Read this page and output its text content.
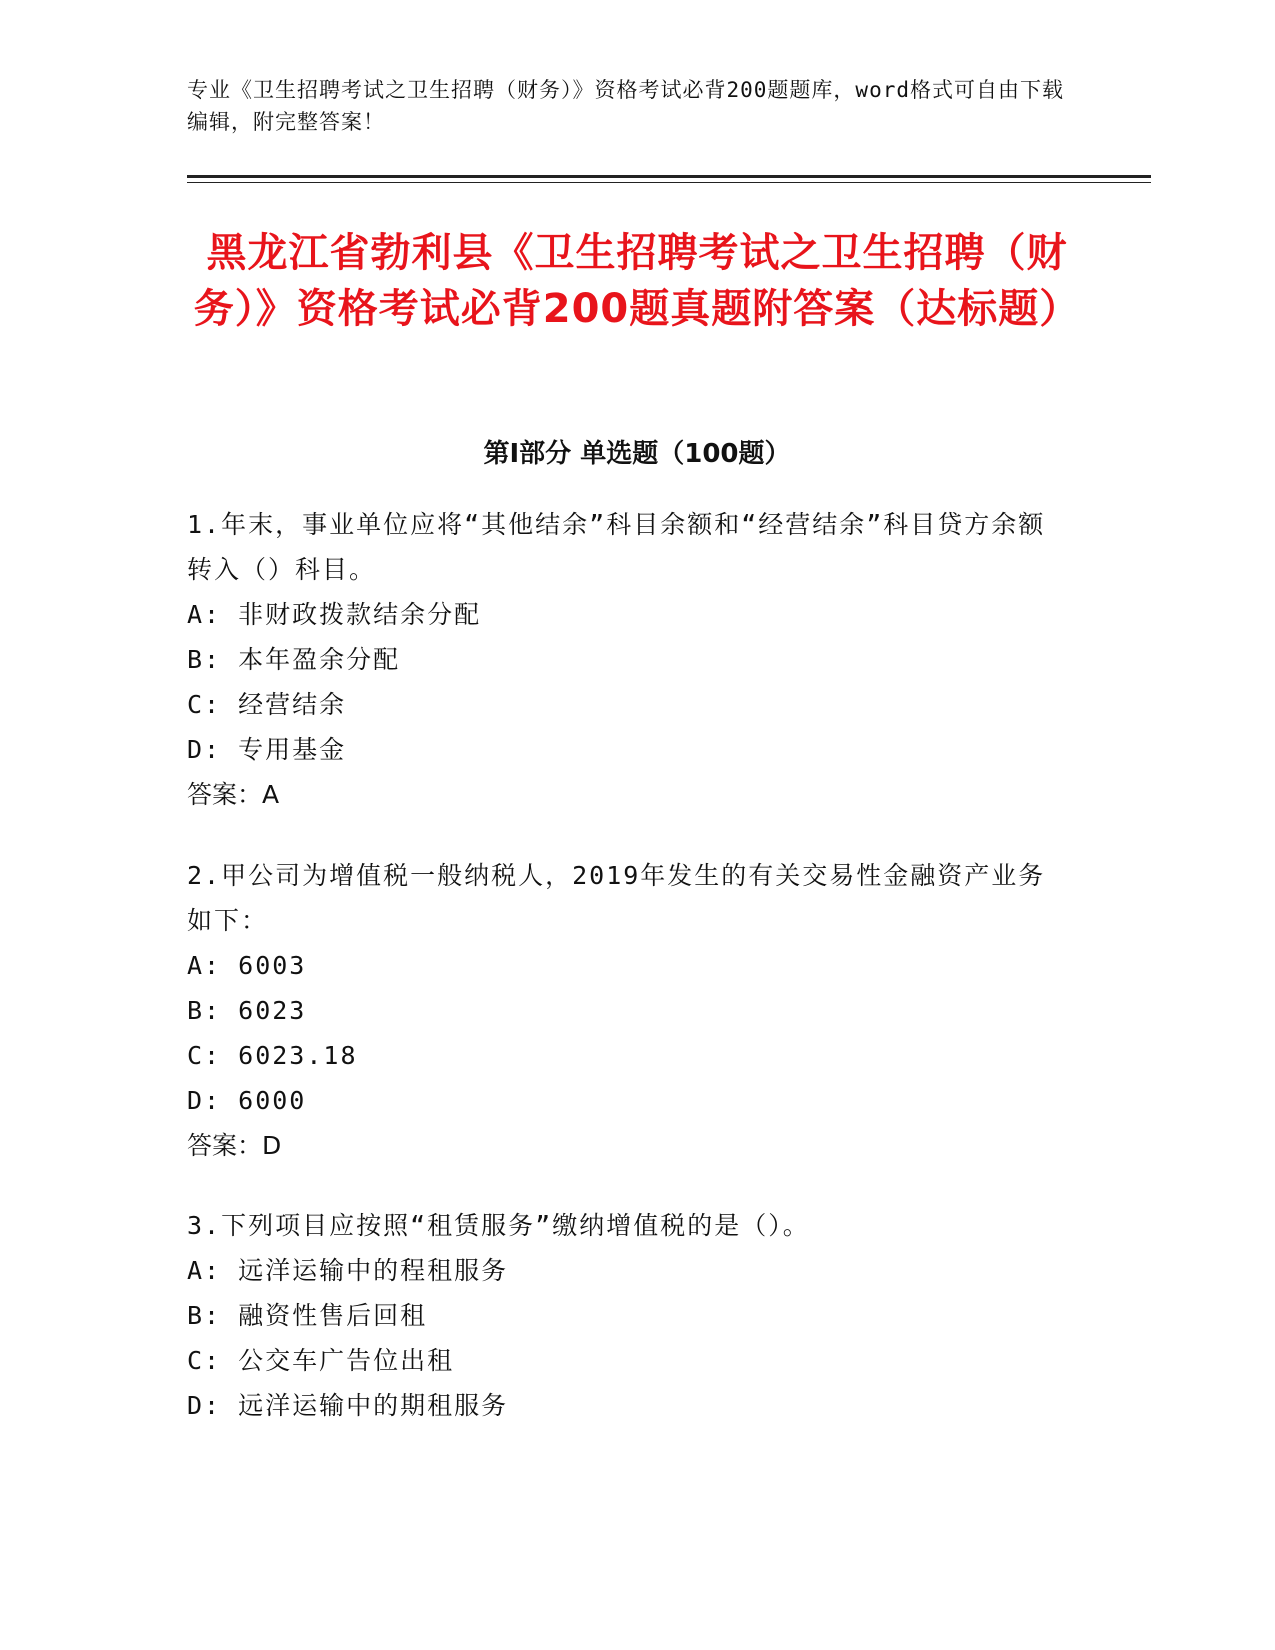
专业《卫生招聘考试之卫生招聘（财务）》资格考试必背200题题库，word格式可自由下载编辑，附完整答案！
黑龙江省勃利县《卫生招聘考试之卫生招聘（财务）》资格考试必背200题真题附答案（达标题）
第Ⅰ部分 单选题（100题）
1.年末，事业单位应将“其他结余”科目余额和“经营结余”科目贷方余额转入（）科目。
A: 非财政拨款结余分配
B: 本年盈余分配
C: 经营结余
D: 专用基金
答案：A
2.甲公司为增值税一般纳税人，2019年发生的有关交易性金融资产业务如下：
A: 6003
B: 6023
C: 6023.18
D: 6000
答案：D
3.下列项目应按照“租赁服务”缴纳增值税的是（）。
A: 远洋运输中的程租服务
B: 融资性售后回租
C: 公交车广告位出租
D: 远洋运输中的期租服务
